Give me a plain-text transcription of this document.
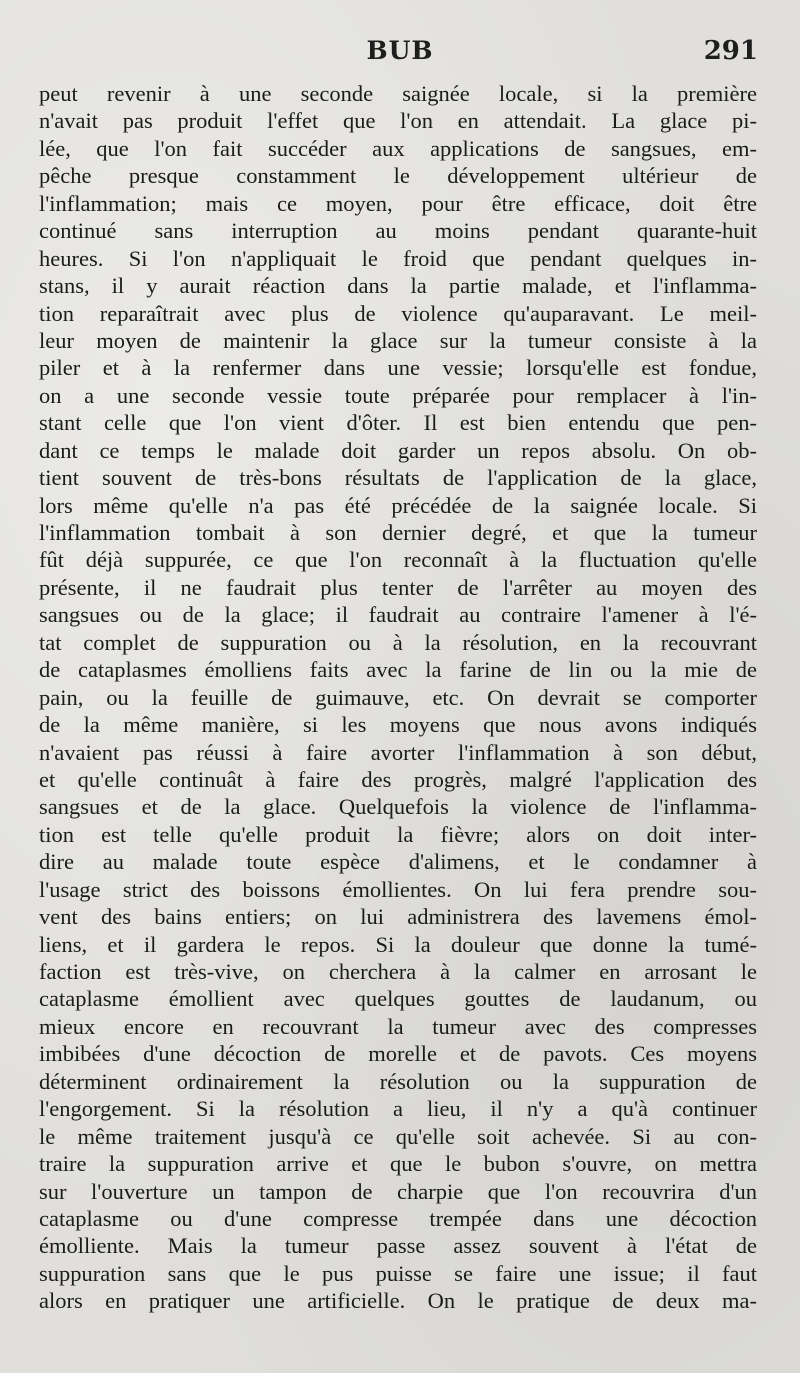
BUB	291
peut revenir à une seconde saignée locale, si la première
n'avait pas produit l'effet que l'on en attendait. La glace pi-
lée, que l'on fait succéder aux applications de sangsues, em-
pêche presque constamment le développement ultérieur de
l'inflammation; mais ce moyen, pour être efficace, doit être
continué sans interruption au moins pendant quarante-huit
heures. Si l'on n'appliquait le froid que pendant quelques in-
stans, il y aurait réaction dans la partie malade, et l'inflamma-
tion reparaîtrait avec plus de violence qu'auparavant. Le meil-
leur moyen de maintenir la glace sur la tumeur consiste à la
piler et à la renfermer dans une vessie; lorsqu'elle est fondue,
on a une seconde vessie toute préparée pour remplacer à l'in-
stant celle que l'on vient d'ôter. Il est bien entendu que pen-
dant ce temps le malade doit garder un repos absolu. On ob-
tient souvent de très-bons résultats de l'application de la glace,
lors même qu'elle n'a pas été précédée de la saignée locale. Si
l'inflammation tombait à son dernier degré, et que la tumeur
fût déjà suppurée, ce que l'on reconnaît à la fluctuation qu'elle
présente, il ne faudrait plus tenter de l'arrêter au moyen des
sangsues ou de la glace; il faudrait au contraire l'amener à l'é-
tat complet de suppuration ou à la résolution, en la recouvrant
de cataplasmes émolliens faits avec la farine de lin ou la mie de
pain, ou la feuille de guimauve, etc. On devrait se comporter
de la même manière, si les moyens que nous avons indiqués
n'avaient pas réussi à faire avorter l'inflammation à son début,
et qu'elle continuât à faire des progrès, malgré l'application des
sangsues et de la glace. Quelquefois la violence de l'inflamma-
tion est telle qu'elle produit la fièvre; alors on doit inter-
dire au malade toute espèce d'alimens, et le condamner à
l'usage strict des boissons émollientes. On lui fera prendre sou-
vent des bains entiers; on lui administrera des lavemens émol-
liens, et il gardera le repos. Si la douleur que donne la tumé-
faction est très-vive, on cherchera à la calmer en arrosant le
cataplasme émollient avec quelques gouttes de laudanum, ou
mieux encore en recouvrant la tumeur avec des compresses
imbibées d'une décoction de morelle et de pavots. Ces moyens
déterminent ordinairement la résolution ou la suppuration de
l'engorgement. Si la résolution a lieu, il n'y a qu'à continuer
le même traitement jusqu'à ce qu'elle soit achevée. Si au con-
traire la suppuration arrive et que le bubon s'ouvre, on mettra
sur l'ouverture un tampon de charpie que l'on recouvrira d'un
cataplasme ou d'une compresse trempée dans une décoction
émolliente. Mais la tumeur passe assez souvent à l'état de
suppuration sans que le pus puisse se faire une issue; il faut
alors en pratiquer une artificielle. On le pratique de deux ma-
